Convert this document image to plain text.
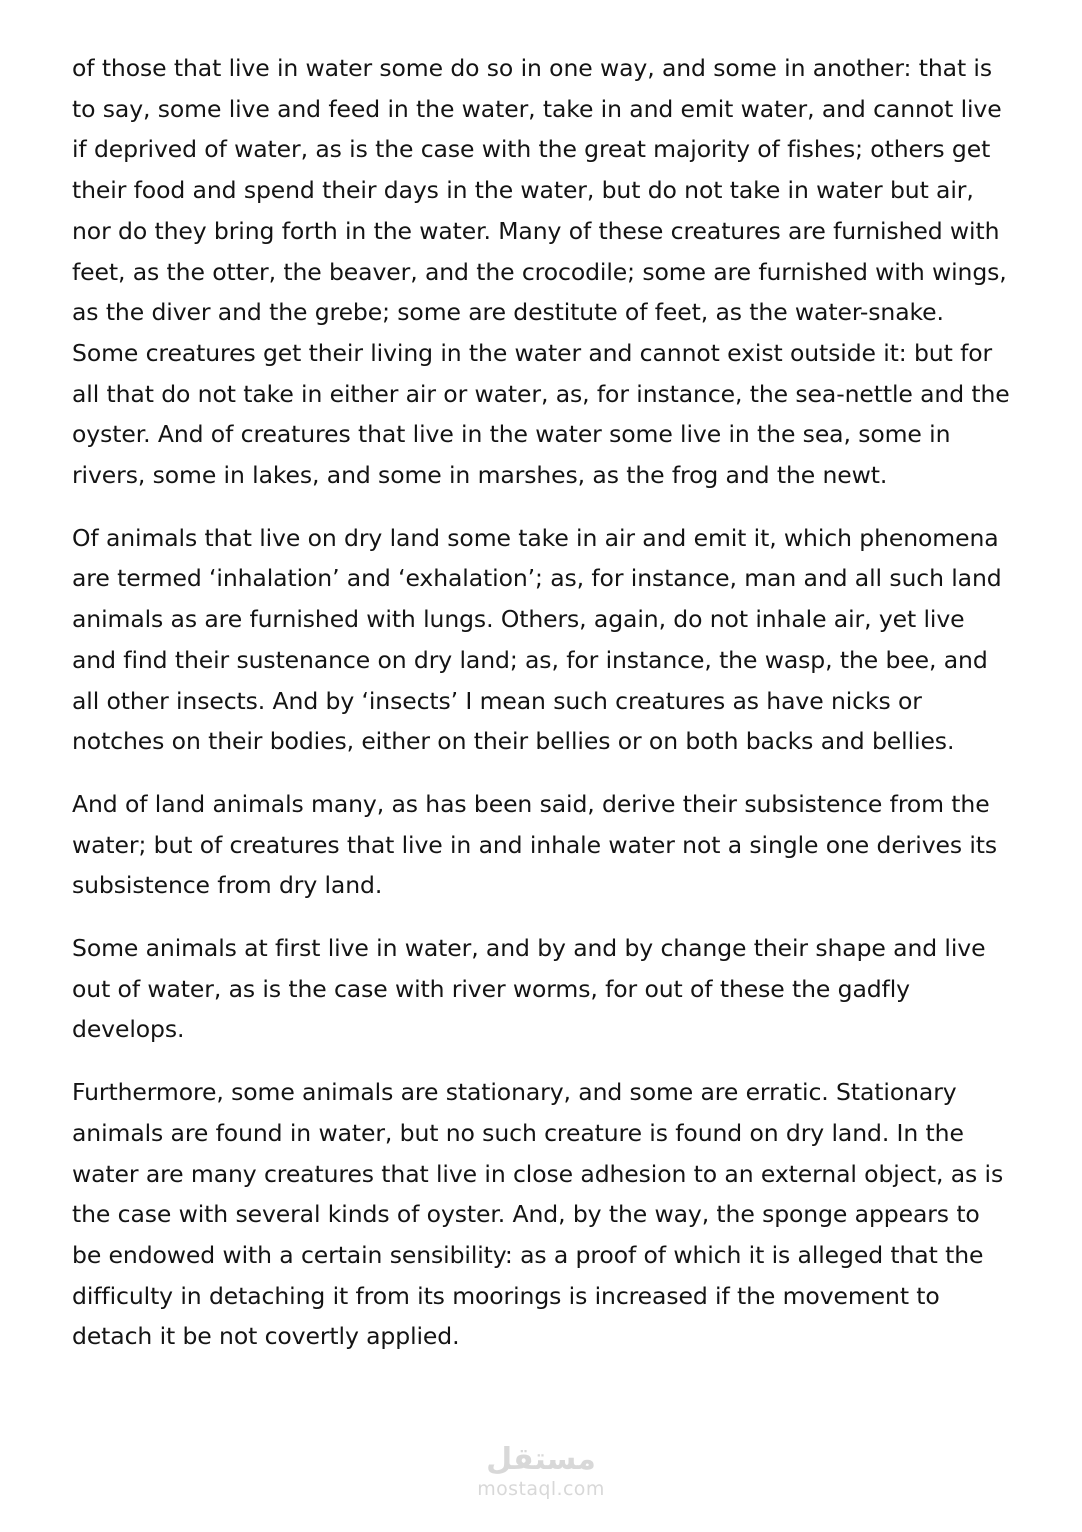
of those that live in water some do so in one way, and some in another: that is to say, some live and feed in the water, take in and emit water, and cannot live if deprived of water, as is the case with the great majority of fishes; others get their food and spend their days in the water, but do not take in water but air, nor do they bring forth in the water. Many of these creatures are furnished with feet, as the otter, the beaver, and the crocodile; some are furnished with wings, as the diver and the grebe; some are destitute of feet, as the water-snake. Some creatures get their living in the water and cannot exist outside it: but for all that do not take in either air or water, as, for instance, the sea-nettle and the oyster. And of creatures that live in the water some live in the sea, some in rivers, some in lakes, and some in marshes, as the frog and the newt.

Of animals that live on dry land some take in air and emit it, which phenomena are termed ‘inhalation’ and ‘exhalation’; as, for instance, man and all such land animals as are furnished with lungs. Others, again, do not inhale air, yet live and find their sustenance on dry land; as, for instance, the wasp, the bee, and all other insects. And by ‘insects’ I mean such creatures as have nicks or notches on their bodies, either on their bellies or on both backs and bellies.

And of land animals many, as has been said, derive their subsistence from the water; but of creatures that live in and inhale water not a single one derives its subsistence from dry land.

Some animals at first live in water, and by and by change their shape and live out of water, as is the case with river worms, for out of these the gadfly develops.

Furthermore, some animals are stationary, and some are erratic. Stationary animals are found in water, but no such creature is found on dry land. In the water are many creatures that live in close adhesion to an external object, as is the case with several kinds of oyster. And, by the way, the sponge appears to be endowed with a certain sensibility: as a proof of which it is alleged that the difficulty in detaching it from its moorings is increased if the movement to detach it be not covertly applied.

مستقل
mostaql.com
